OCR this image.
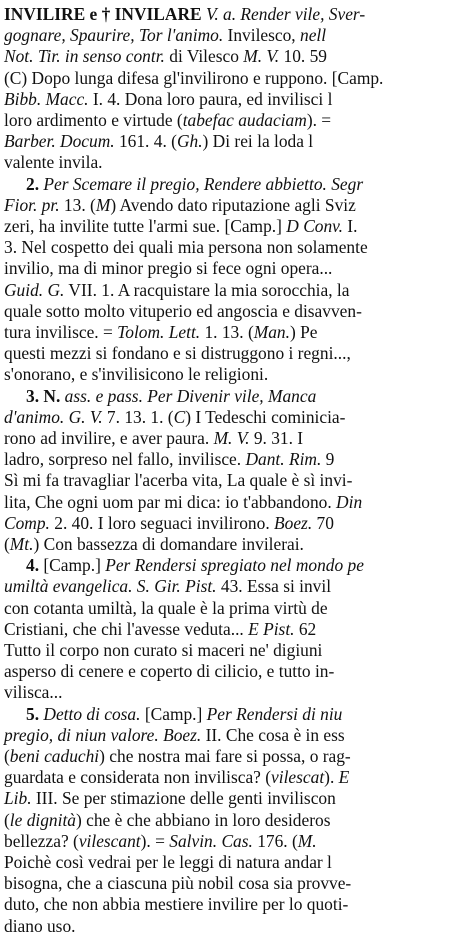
INVILIRE e † INVILARE V. a. Render vile, Sver-
gognare, Spaurire, Tor l'animo. Invilesco, nell
Not. Tir. in senso contr. di Vilesco M. V. 10. 59
(C) Dopo lunga difesa gl'invilirono e ruppono. [Camp.
Bibb. Macc. I. 4. Dona loro paura, ed invilisci l
loro ardimento e virtude (tabefac audaciam). =
Barber. Docum. 161. 4. (Gh.) Di rei la loda l
valente invila.
2. Per Scemare il pregio, Rendere abbietto. Segr
Fior. pr. 13. (M) Avendo dato riputazione agli Sviz
zeri, ha invilite tutte l'armi sue. [Camp.] D Conv. I.
3. Nel cospetto dei quali mia persona non solamente
invilio, ma di minor pregio si fece ogni opera...
Guid. G. VII. 1. A racquistare la mia sorocchia, la
quale sotto molto vituperio ed angoscia e disavven-
tura invilisce. = Tolom. Lett. 1. 13. (Man.) Pe
questi mezzi si fondano e si distruggono i regni...,
s'onorano, e s'invilisicono le religioni.
3. N. ass. e pass. Per Divenir vile, Manca
d'animo. G. V. 7. 13. 1. (C) I Tedeschi cominicia-
rono ad invilire, e aver paura. M. V. 9. 31. I
ladro, sorpreso nel fallo, invilisce. Dant. Rim. 9
Sì mi fa travagliar l'acerba vita, La quale è sì invi-
lita, Che ogni uom par mi dica: io t'abbandono. Din
Comp. 2. 40. I loro seguaci invilirono. Boez. 70
(Mt.) Con bassezza di domandare invilerai.
4. [Camp.] Per Rendersi spregiato nel mondo pe
umiltà evangelica. S. Gir. Pist. 43. Essa si invil
con cotanta umiltà, la quale è la prima virtù de
Cristiani, che chi l'avesse veduta... E Pist. 62
Tutto il corpo non curato si maceri ne' digiuni
asperso di cenere e coperto di cilicio, e tutto in-
vilisca...
5. Detto di cosa. [Camp.] Per Rendersi di niu
pregio, di niun valore. Boez. II. Che cosa è in ess
(beni caduchi) che nostra mai fare si possa, o rag-
guardata e considerata non invilisca? (vilescat). E
Lib. III. Se per stimazione delle genti inviliscon
(le dignità) che è che abbiano in loro desideros
bellezza? (vilescant). = Salvin. Cas. 176. (M.
Poichè così vedrai per le leggi di natura andar l
bisogna, che a ciascuna più nobil cosa sia provve-
duto, che non abbia mestiere invilire per lo quoti-
diano uso.
